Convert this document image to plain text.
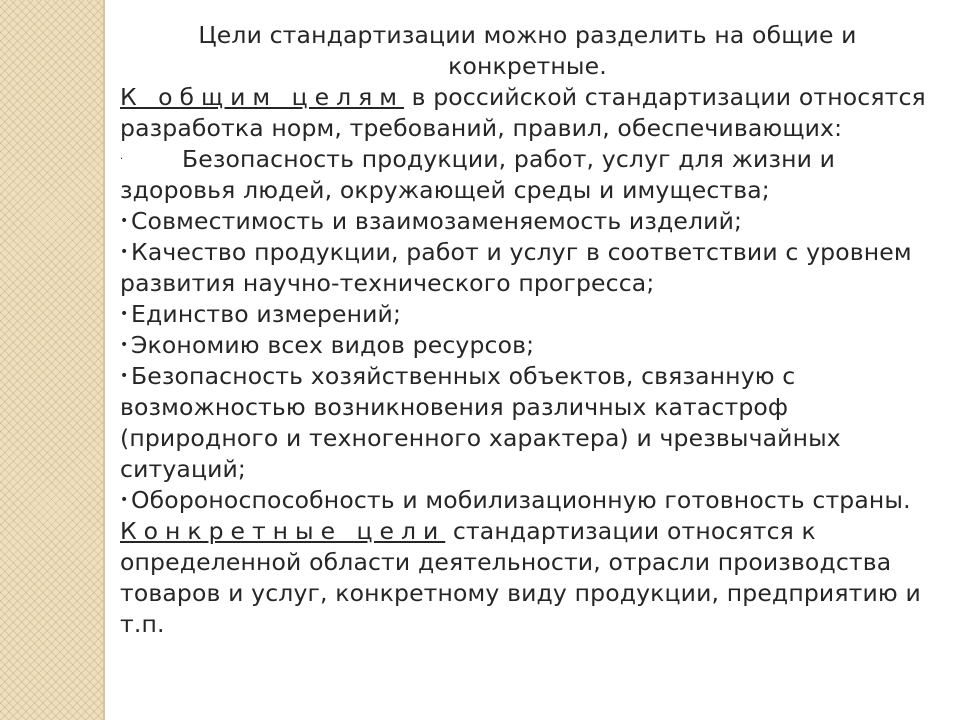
Цели стандартизации можно разделить на общие и
конкретные.

К общим целям в российской стандартизации относятся разработка норм, требований, правил, обеспечивающих:

· Безопасность продукции, работ, услуг для жизни и здоровья людей, окружающей среды и имущества;

• Совместимость и взаимозаменяемость изделий;

• Качество продукции, работ и услуг в соответствии с уровнем развития научно-технического прогресса;

• Единство измерений;

• Экономию всех видов ресурсов;

• Безопасность хозяйственных объектов, связанную с возможностью возникновения различных катастроф (природного и техногенного характера) и чрезвычайных ситуаций;

• Обороноспособность и мобилизационную готовность страны.

Конкретные цели стандартизации относятся к определенной области деятельности, отрасли производства товаров и услуг, конкретному виду продукции, предприятию и т.п.
